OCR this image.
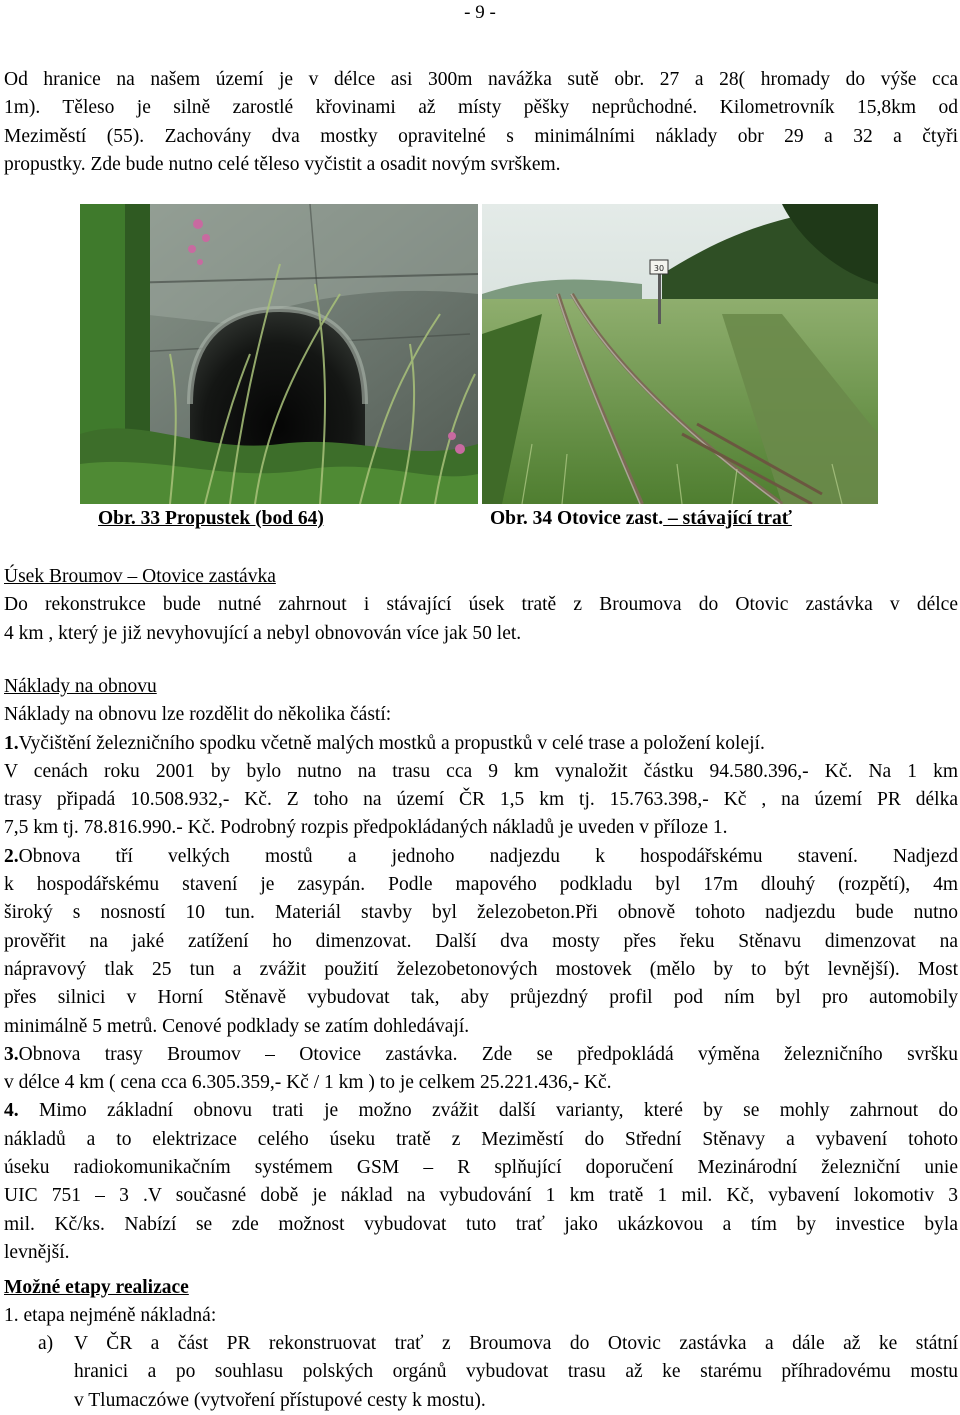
- 9 -
Od hranice na našem území je v délce asi 300m navážka sutě obr. 27 a 28( hromady do výše cca
1m). Těleso je silně zarostlé křovinami až místy pěšky neprůchodné. Kilometrovník 15,8km od
Meziměstí (55). Zachovány dva mostky opravitelné s minimálními náklady obr 29 a 32 a čtyři
propustky. Zde bude nutno celé těleso vyčistit a osadit novým svrškem.
30
Obr. 33 Propustek (bod 64)	Obr. 34 Otovice zast. – stávající trať
Úsek Broumov – Otovice zastávka
Do rekonstrukce bude nutné zahrnout i stávající úsek tratě z Broumova do Otovic zastávka v délce
4 km , který je již nevyhovující a nebyl obnovován více jak 50 let.
Náklady na obnovu
Náklady na obnovu lze rozdělit do několika částí:
1.Vyčištění železničního spodku včetně malých mostků a propustků v celé trase a položení kolejí.
V cenách roku 2001 by bylo nutno na trasu cca 9 km vynaložit částku 94.580.396,- Kč. Na 1 km
trasy připadá 10.508.932,- Kč. Z toho na území ČR 1,5 km tj. 15.763.398,- Kč , na území PR délka
7,5 km tj. 78.816.990.- Kč. Podrobný rozpis předpokládaných nákladů je uveden v příloze 1.
2.Obnova tří velkých mostů a jednoho nadjezdu k hospodářskému stavení. Nadjezd
k hospodářskému stavení je zasypán. Podle mapového podkladu byl 17m dlouhý (rozpětí), 4m
široký s nosností 10 tun. Materiál stavby byl železobeton.Při obnově tohoto nadjezdu bude nutno
prověřit na jaké zatížení ho dimenzovat. Další dva mosty přes řeku Stěnavu dimenzovat na
nápravový tlak 25 tun a zvážit použití železobetonových mostovek (mělo by to být levnější). Most
přes silnici v Horní Stěnavě vybudovat tak, aby průjezdný profil pod ním byl pro automobily
minimálně 5 metrů. Cenové podklady se zatím dohledávají.
3.Obnova trasy Broumov – Otovice zastávka. Zde se předpokládá výměna železničního svršku
v délce 4 km ( cena cca 6.305.359,- Kč / 1 km ) to je celkem 25.221.436,- Kč.
4. Mimo základní obnovu trati je možno zvážit další varianty, které by se mohly zahrnout do
nákladů a to elektrizace celého úseku tratě z Meziměstí do Střední Stěnavy a vybavení tohoto
úseku radiokomunikačním systémem GSM – R splňující doporučení Mezinárodní železniční unie
UIC 751 – 3 .V současné době je náklad na vybudování 1 km tratě 1 mil. Kč, vybavení lokomotiv 3
mil. Kč/ks. Nabízí se zde možnost vybudovat tuto trať jako ukázkovou a tím by investice byla
levnější.
Možné etapy realizace
1. etapa nejméně nákladná:
a) V ČR a část PR rekonstruovat trať z Broumova do Otovic zastávka a dále až ke státní
hranici a po souhlasu polských orgánů vybudovat trasu až ke starému příhradovému mostu
v Tlumaczówe (vytvoření přístupové cesty k mostu).
